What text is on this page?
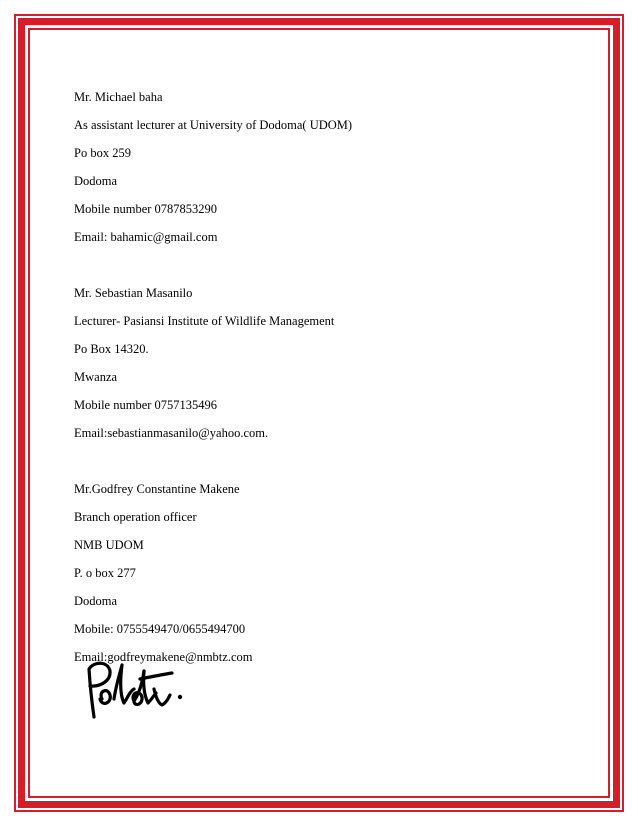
Mr. Michael baha
As assistant lecturer at University of Dodoma( UDOM)
Po box 259
Dodoma
Mobile number 0787853290
Email: bahamic@gmail.com
Mr. Sebastian Masanilo
Lecturer- Pasiansi Institute of Wildlife Management
Po Box 14320.
Mwanza
Mobile number 0757135496
Email:sebastianmasanilo@yahoo.com.
Mr.Godfrey Constantine Makene
Branch operation officer
NMB UDOM
P. o box 277
Dodoma
Mobile: 0755549470/0655494700
Email:godfreymakene@nmbtz.com
